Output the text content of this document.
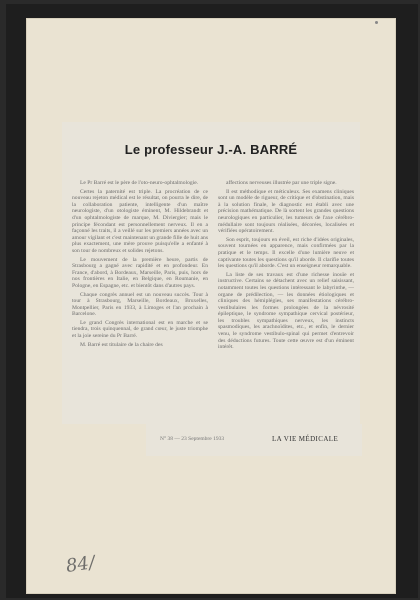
Le professeur J.-A. BARRÉ

Le Pr Barré est le père de l'oto-neuro-ophtalmologie.

Certes la paternité est triple. La procréation de ce nouveau rejeton médical est le résultat, on pourra le dire, de la collaboration patiente, intelligente d'un maître neurologiste, d'un otologiste éminent, M. Hildebrandt et d'un ophtalmologiste de marque, M. Diviergier; mais le principe fécondant est personnellement nerveux. Il en a façonné les traits, il a veillé sur les premiers années avec un amour vigilant et c'est maintenant un grande fille de huit ans plus exactement, une mère prouve puisqu'elle a enfanté à son tour de nombreux et solides rejetons.

Le mouvement de la première heure, partis de Strasbourg a gagné avec rapidité et en profondeur. En France, d'abord, à Bordeaux, Marseille, Paris, puis, hors de nos frontières en Italie, en Belgique, en Roumanie, en Pologne, en Espagne, etc. et bientôt dans d'autres pays.

Chaque congrès annuel est un nouveau succès. Tour à tour à Strasbourg, Marseille, Bordeaux, Bruxelles, Montpellier, Paris en 1933, à Limoges et l'an prochain à Barcelone.

Le grand Congrès international est en marche et se tiendra, trois quinquennal, de grand cœur, le juste triomphe et la joie sereine du Pr Barré.

M. Barré est titulaire de la chaire des

affections nerveuses illustrée par une triple signe.

Il est méthodique et méticuleux. Ses examens cliniques sont un modèle de rigueur, de critique et d'obstination, mais à la solution finale, le diagnostic est établi avec une précision mathématique. De là sortent les grandes questions neurologiques en particulier, les tumeurs de l'axe cérébro-médullaire sont toujours réalisées, décorées, localisées et vérifiées opératoirement.

Son esprit, toujours en éveil, est riche d'idées originales, souvent tournées en apparence, mais confirmées par la pratique et le temps. Il excelle d'une lumière neuve et captivante toutes les questions qu'il aborde. Il clarifie toutes les questions qu'il aborde. C'est un enseigneur remarquable.

La liste de ses travaux est d'une richesse inouïe et instructive. Certains se détachent avec un relief saisissant, notamment toutes les questions intéressant le labyrinthe, — organe de prédilection, — les données étiologiques et cliniques des hémiplégies, ses manifestations cérébro-vestibulaires les formes prolongées de la névrosité épileptique, le syndrome sympathique cervical postérieur, les troubles sympathiques nerveux, les instincts spasmodiques, les arachnoïdites, etc., et enfin, le dernier venu, le syndrome vestibulo-spinal qui permet d'entrevoir des déductions futures. Toute cette œuvre est d'un éminent intérêt.

N° 38 — 23 Septembre 1933	LA VIE MÉDICALE
84/
